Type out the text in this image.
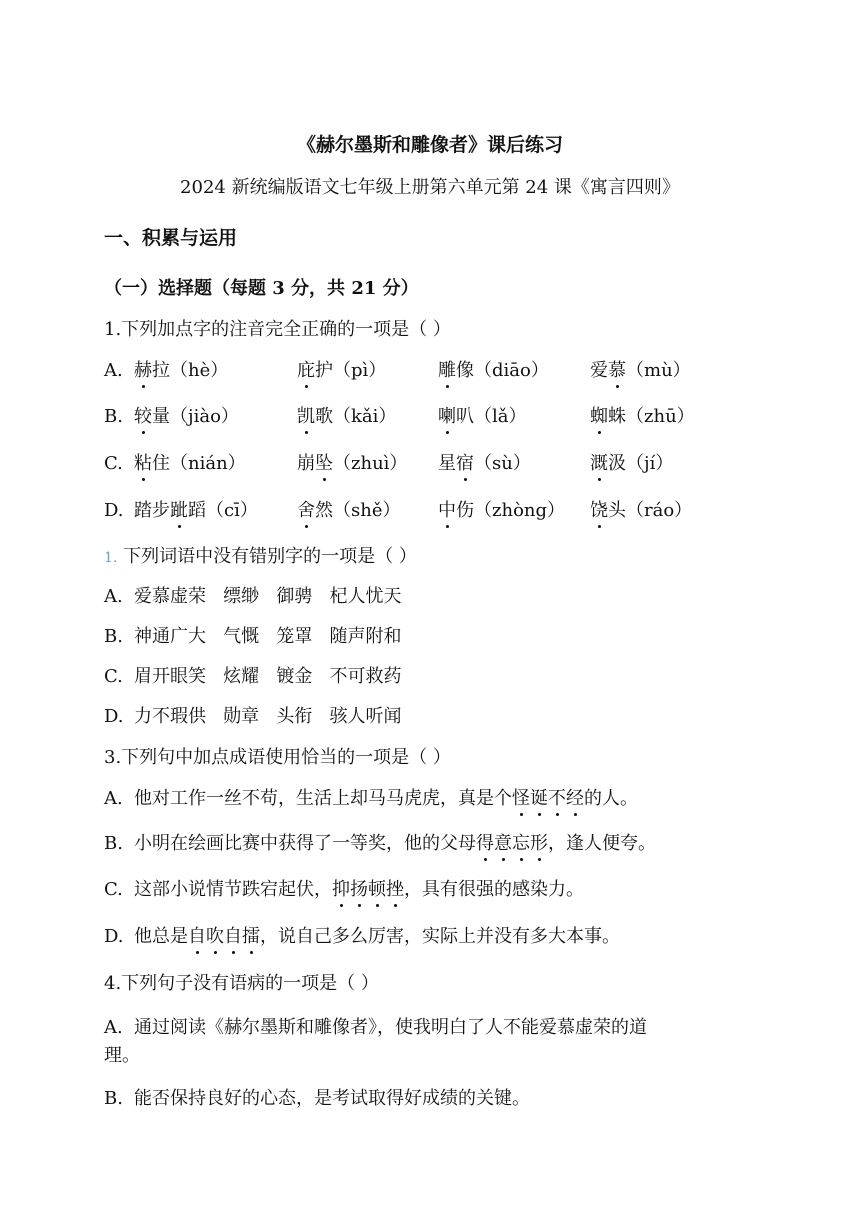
《赫尔墨斯和雕像者》课后练习
2024 新统编版语文七年级上册第六单元第 24 课《寓言四则》
一、积累与运用
（一）选择题（每题 3 分，共 21 分）
1.下列加点字的注音完全正确的一项是（ ）
A. 赫拉（hè）	庇护（pì）	雕像（diāo） 爱慕（mù）
B. 较量（jiào）	凯歌（kǎi） 喇叭（lǎ）	蜘蛛（zhū）
C. 粘住（nián）	崩坠（zhuì） 星宿（sù）	溉汲（jí）
D. 踏步跐蹈（cī） 舍然（shě） 中伤（zhòng） 饶头（ráo）
1. 下列词语中没有错别字的一项是（ ）
A. 爱慕虚荣   缥缈   御骋   杞人忧天
B. 神通广大   气慨   笼罩   随声附和
C. 眉开眼笑   炫耀   镀金   不可救药
D. 力不瑕供   勋章   头衔   骇人听闻
3.下列句中加点成语使用恰当的一项是（ ）
A. 他对工作一丝不苟，生活上却马马虎虎，真是个怪诞不经的人。
B. 小明在绘画比赛中获得了一等奖，他的父母得意忘形，逢人便夸。
C. 这部小说情节跌宕起伏，抑扬顿挫，具有很强的感染力。
D. 他总是自吹自擂，说自己多么厉害，实际上并没有多大本事。
4.下列句子没有语病的一项是（ ）
A. 通过阅读《赫尔墨斯和雕像者》，使我明白了人不能爱慕虚荣的道
理。
B. 能否保持良好的心态，是考试取得好成绩的关键。
